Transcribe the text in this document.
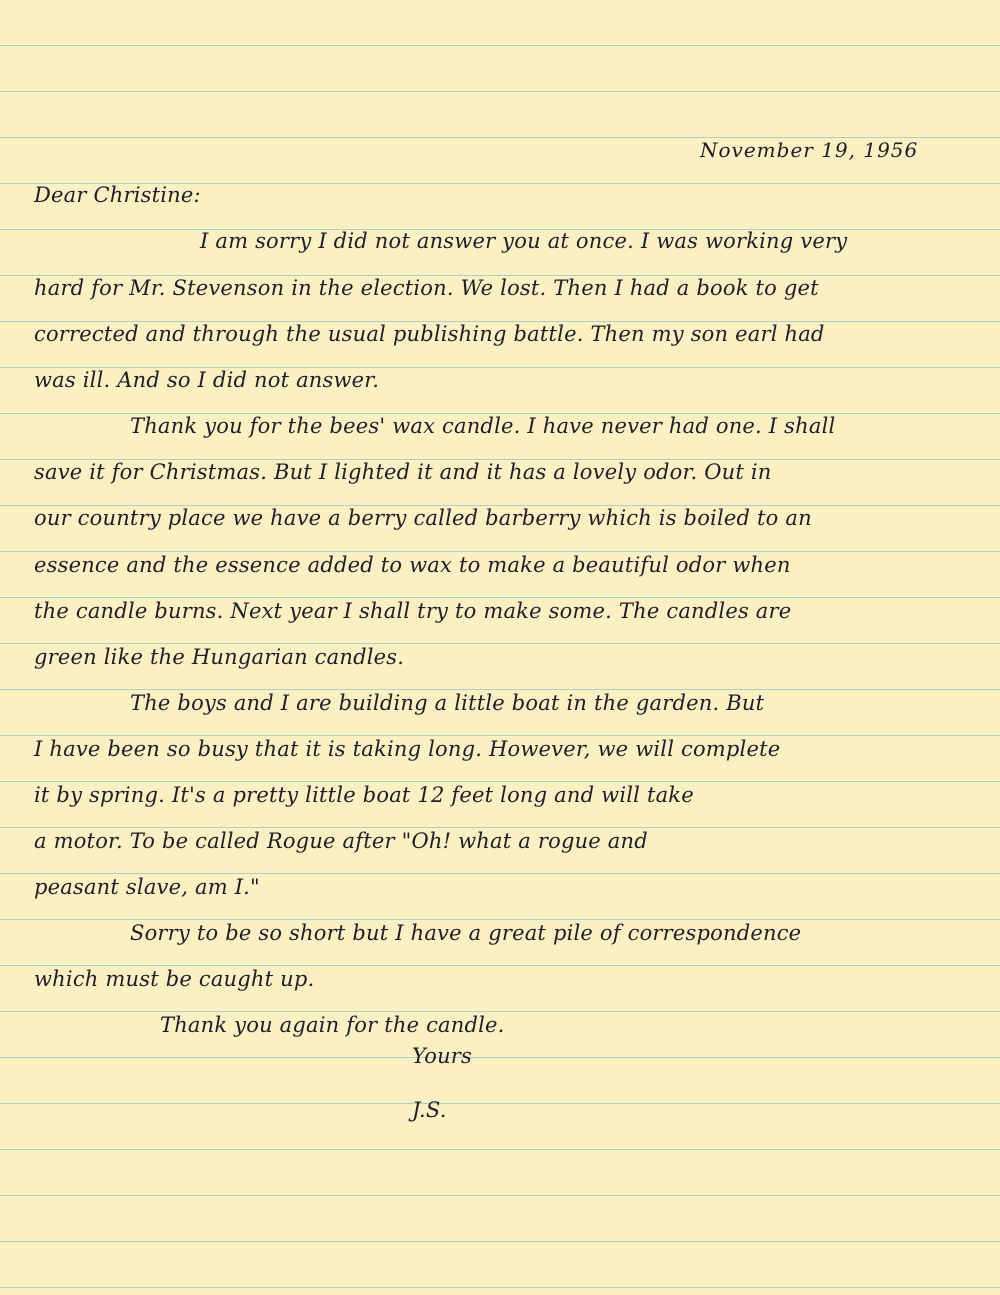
November 19, 1956

Dear Christine:

I am sorry I did not answer you at once. I was working very

hard for Mr. Stevenson in the election. We lost. Then I had a book to get

corrected and through the usual publishing battle. Then my son earl had

was ill. And so I did not answer.

Thank you for the bees' wax candle. I have never had one. I shall

save it for Christmas. But I lighted it and it has a lovely odor. Out in

our country place we have a berry called barberry which is boiled to an

essence and the essence added to wax to make a beautiful odor when

the candle burns. Next year I shall try to make some. The candles are

green like the Hungarian candles.

The boys and I are building a little boat in the garden. But

I have been so busy that it is taking long. However, we will complete

it by spring. It's a pretty little boat 12 feet long and will take

a motor. To be called Rogue after "Oh! what a rogue and

peasant slave, am I."

Sorry to be so short but I have a great pile of correspondence

which must be caught up.

Thank you again for the candle.

Yours

J.S.
